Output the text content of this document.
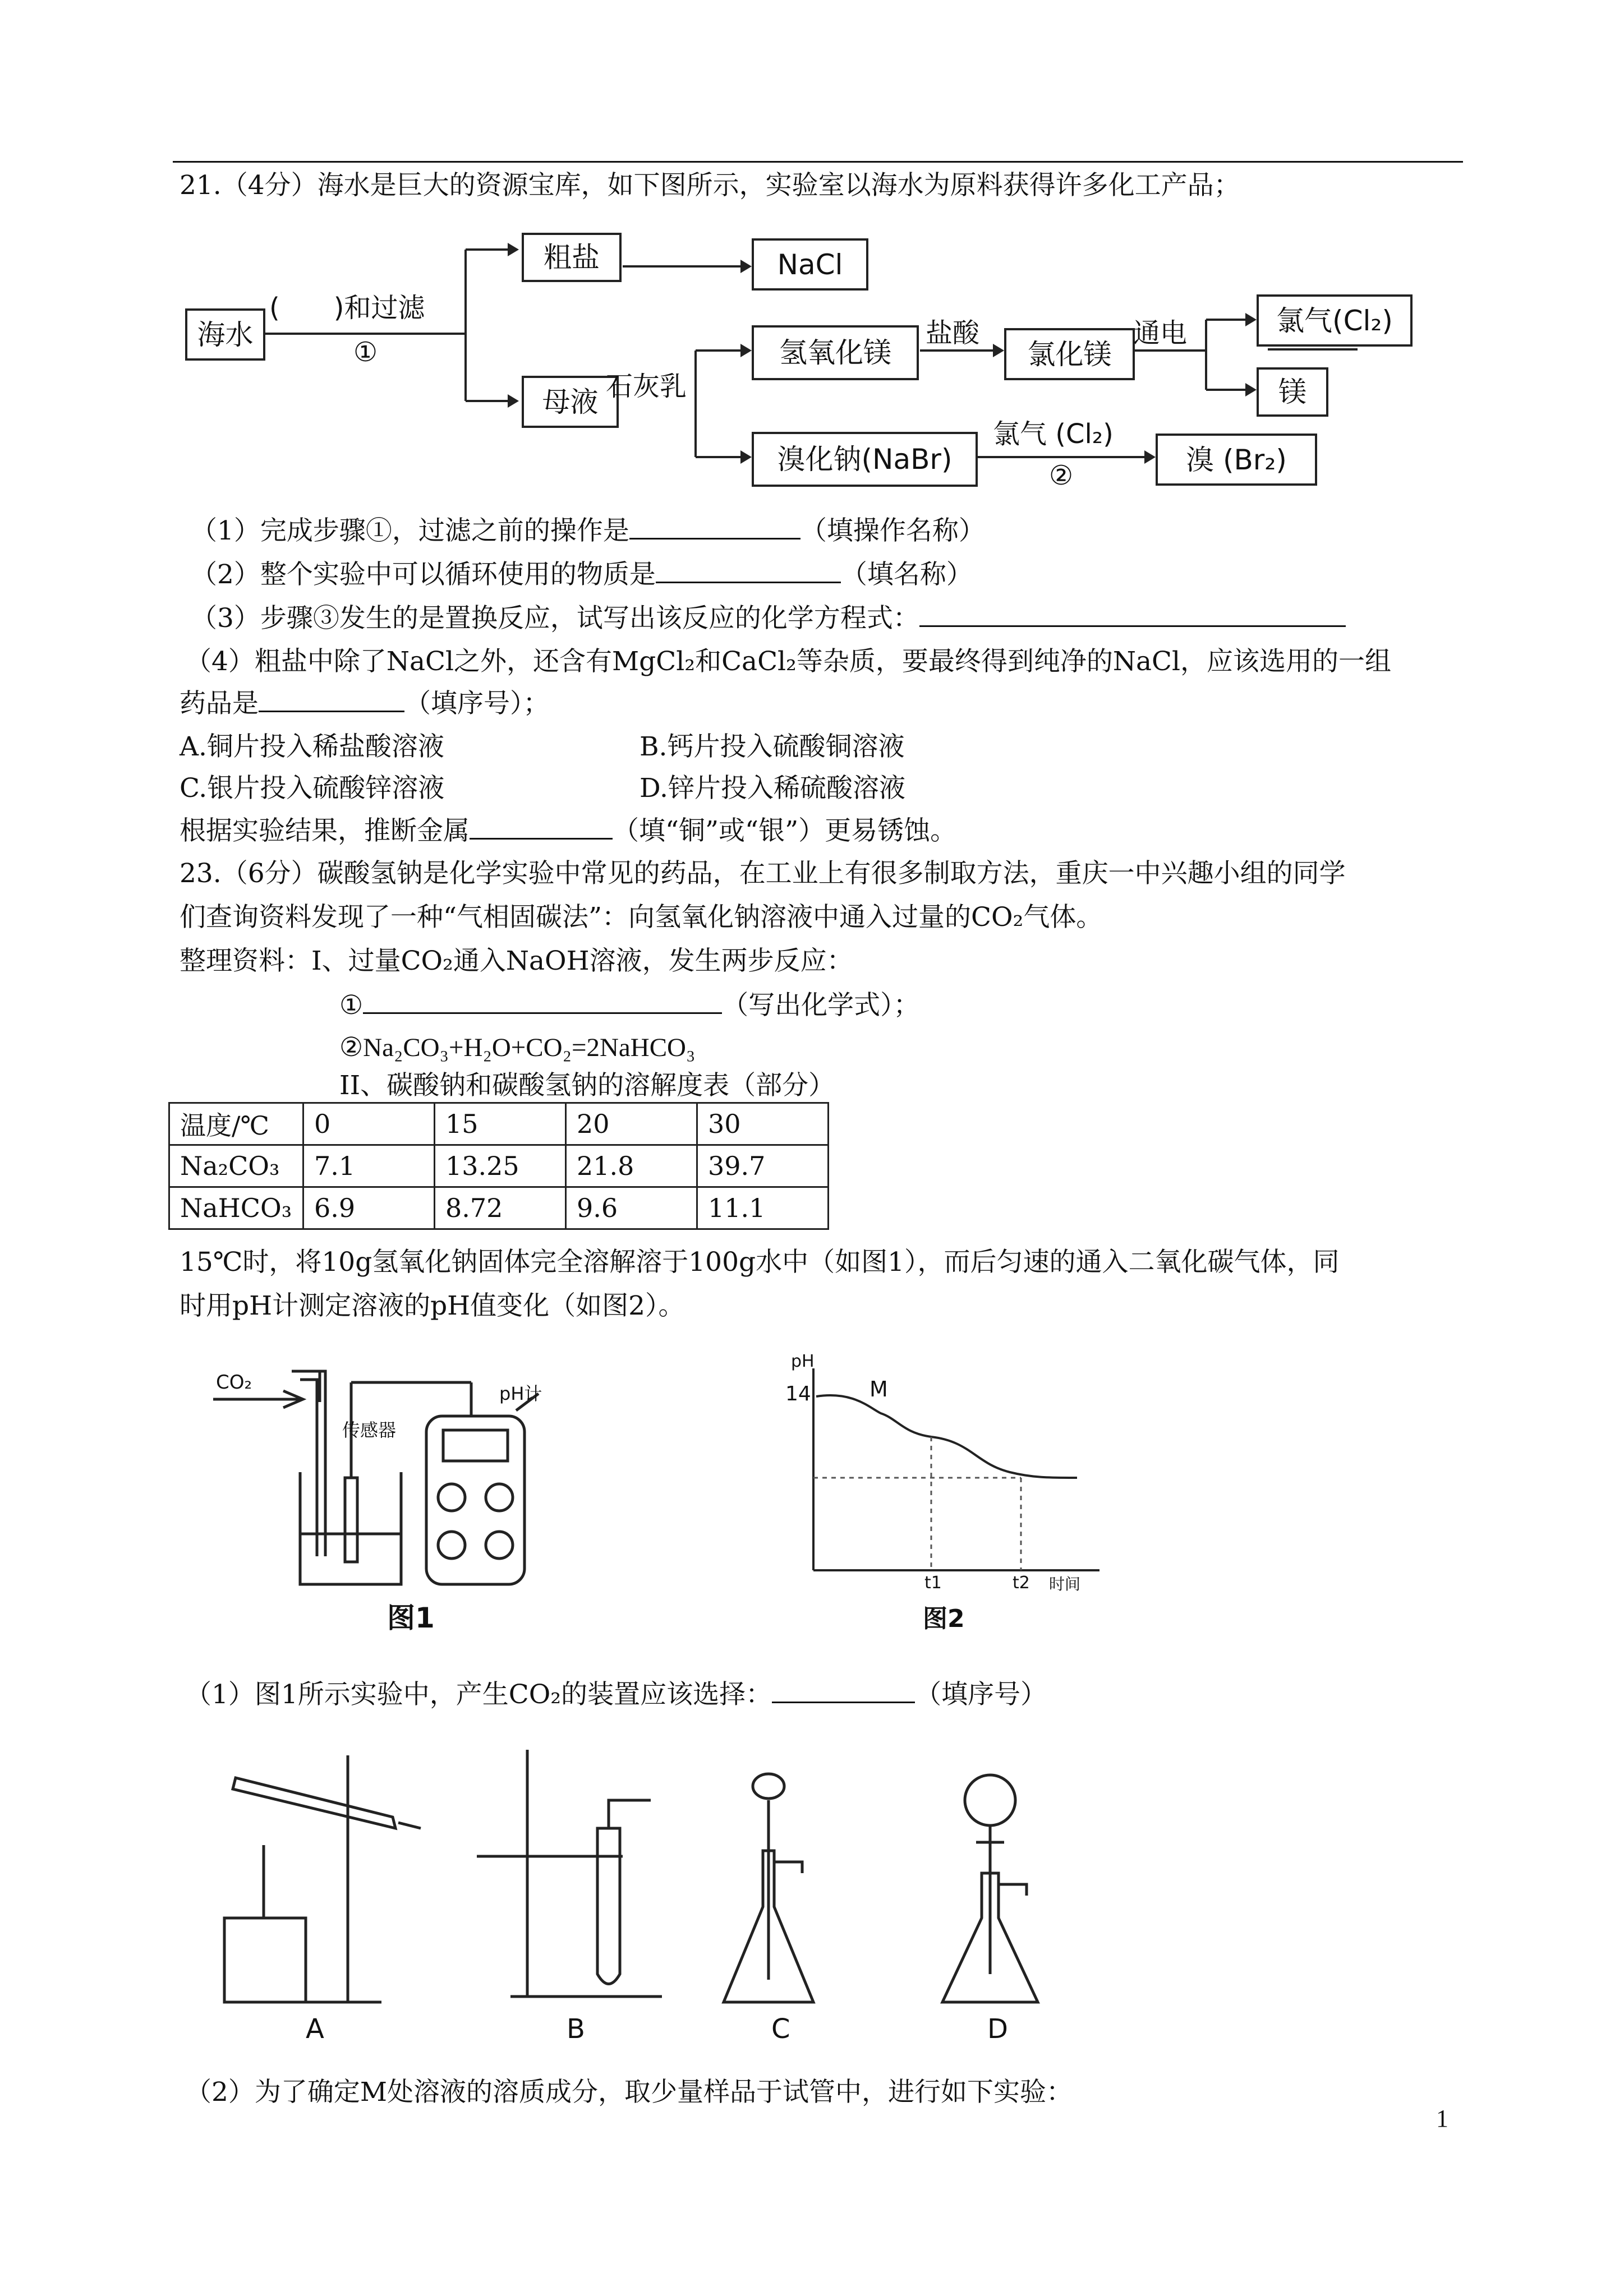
21.（4分）海水是巨大的资源宝库，如下图所示，实验室以海水为原料获得许多化工产品；
海水
(　　)和过滤
①
粗盐	NaCl
母液 石灰乳
氢氧化镁
盐酸
氯化镁
通电	氯气(Cl₂)
镁
溴化钠(NaBr)
氯气 (Cl₂)
②	溴 (Br₂)
（1）完成步骤①，过滤之前的操作是	（填操作名称）
（2）整个实验中可以循环使用的物质是	（填名称）
（3）步骤③发生的是置换反应，试写出该反应的化学方程式：
（4）粗盐中除了NaCl之外，还含有MgCl₂和CaCl₂等杂质，要最终得到纯净的NaCl，应该选用的一组
药品是	（填序号）；
A.铜片投入稀盐酸溶液	B.钙片投入硫酸铜溶液
C.银片投入硫酸锌溶液	D.锌片投入稀硫酸溶液
根据实验结果，推断金属	（填“铜”或“银”）更易锈蚀。
23.（6分）碳酸氢钠是化学实验中常见的药品，在工业上有很多制取方法，重庆一中兴趣小组的同学
们查询资料发现了一种“气相固碳法”：向氢氧化钠溶液中通入过量的CO₂气体。
整理资料：I、过量CO₂通入NaOH溶液，发生两步反应：
①	（写出化学式）；
②Na₂CO₃+H₂O+CO₂=2NaHCO₃
II、碳酸钠和碳酸氢钠的溶解度表（部分）
温度/℃	0	15	20	30
Na₂CO₃	7.1	13.25	21.8	39.7
NaHCO₃	6.9	8.72	9.6	11.1
15℃时，将10g氢氧化钠固体完全溶解溶于100g水中（如图1），而后匀速的通入二氧化碳气体，同
时用pH计测定溶液的pH值变化（如图2）。
CO₂
传感器
pH计
图1
pH
14	M
t1	t2 时间
图2
（1）图1所示实验中，产生CO₂的装置应该选择：	（填序号）
A	B	C	D
（2）为了确定M处溶液的溶质成分，取少量样品于试管中，进行如下实验：
1
